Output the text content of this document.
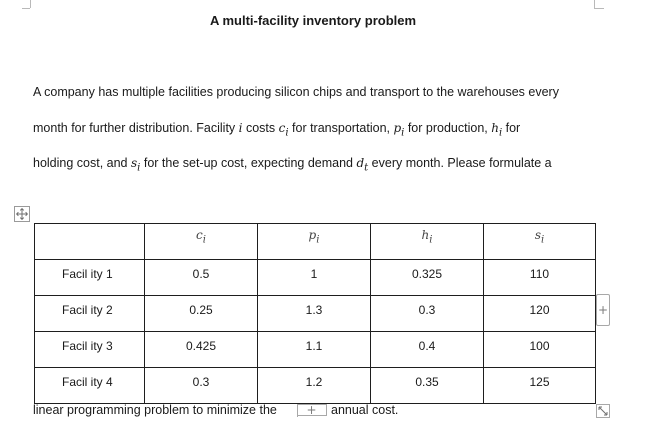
A multi-facility inventory problem
A company has multiple facilities producing silicon chips and transport to the warehouses every
month for further distribution. Facility i costs $c_i$ for transportation, $p_i$ for production, $h_i$ for
holding cost, and $s_i$ for the set-up cost, expecting demand $d_t$ every month. Please formulate a
	$c_i$	$p_i$	$h_i$	$s_i$
Facil ity 1	0.5	1	0.325	110
Facil ity 2	0.25	1.3	0.3	120
Facil ity 3	0.425	1.1	0.4	100
Facil ity 4	0.3	1.2	0.35	125
+
linear programming problem to minimize the	annual cost.
+
